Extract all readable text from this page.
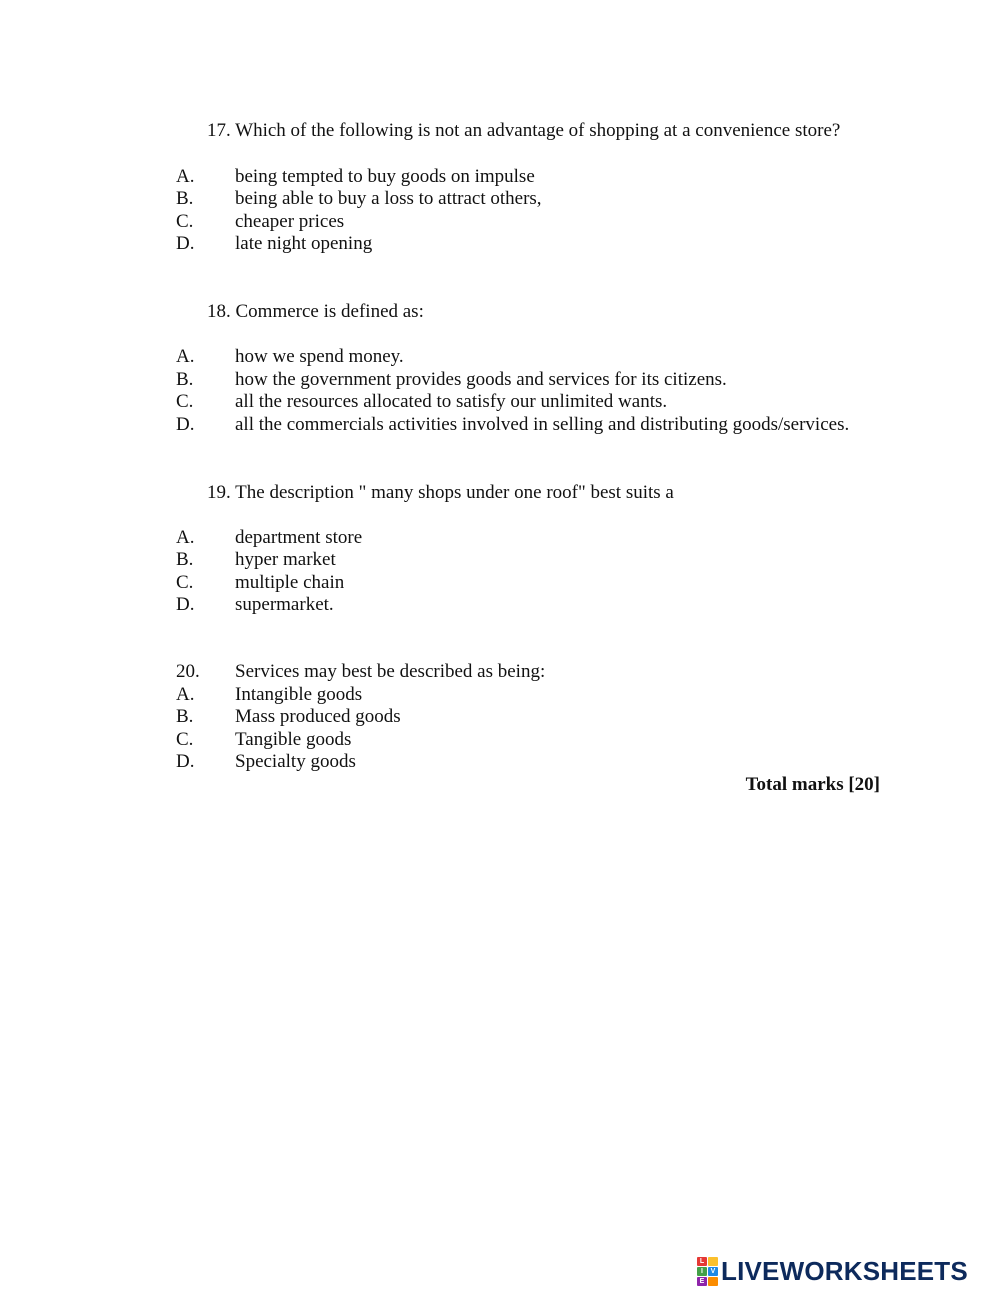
17. Which of the following is not an advantage of shopping at a convenience store?
A. being tempted to buy goods on impulse
B. being able to buy a loss to attract others,
C. cheaper prices
D. late night opening
18. Commerce is defined as:
A. how we spend money.
B. how the government provides goods and services for its citizens.
C. all the resources allocated to satisfy our unlimited wants.
D. all the commercials activities involved in selling and distributing goods/services.
19. The description " many shops under one roof" best suits a
A. department store
B. hyper market
C. multiple chain
D. supermarket.
20. Services may best be described as being:
A. Intangible goods
B. Mass produced goods
C. Tangible goods
D. Specialty goods
Total marks [20]
L
I	V
E LIVEWORKSHEETS
